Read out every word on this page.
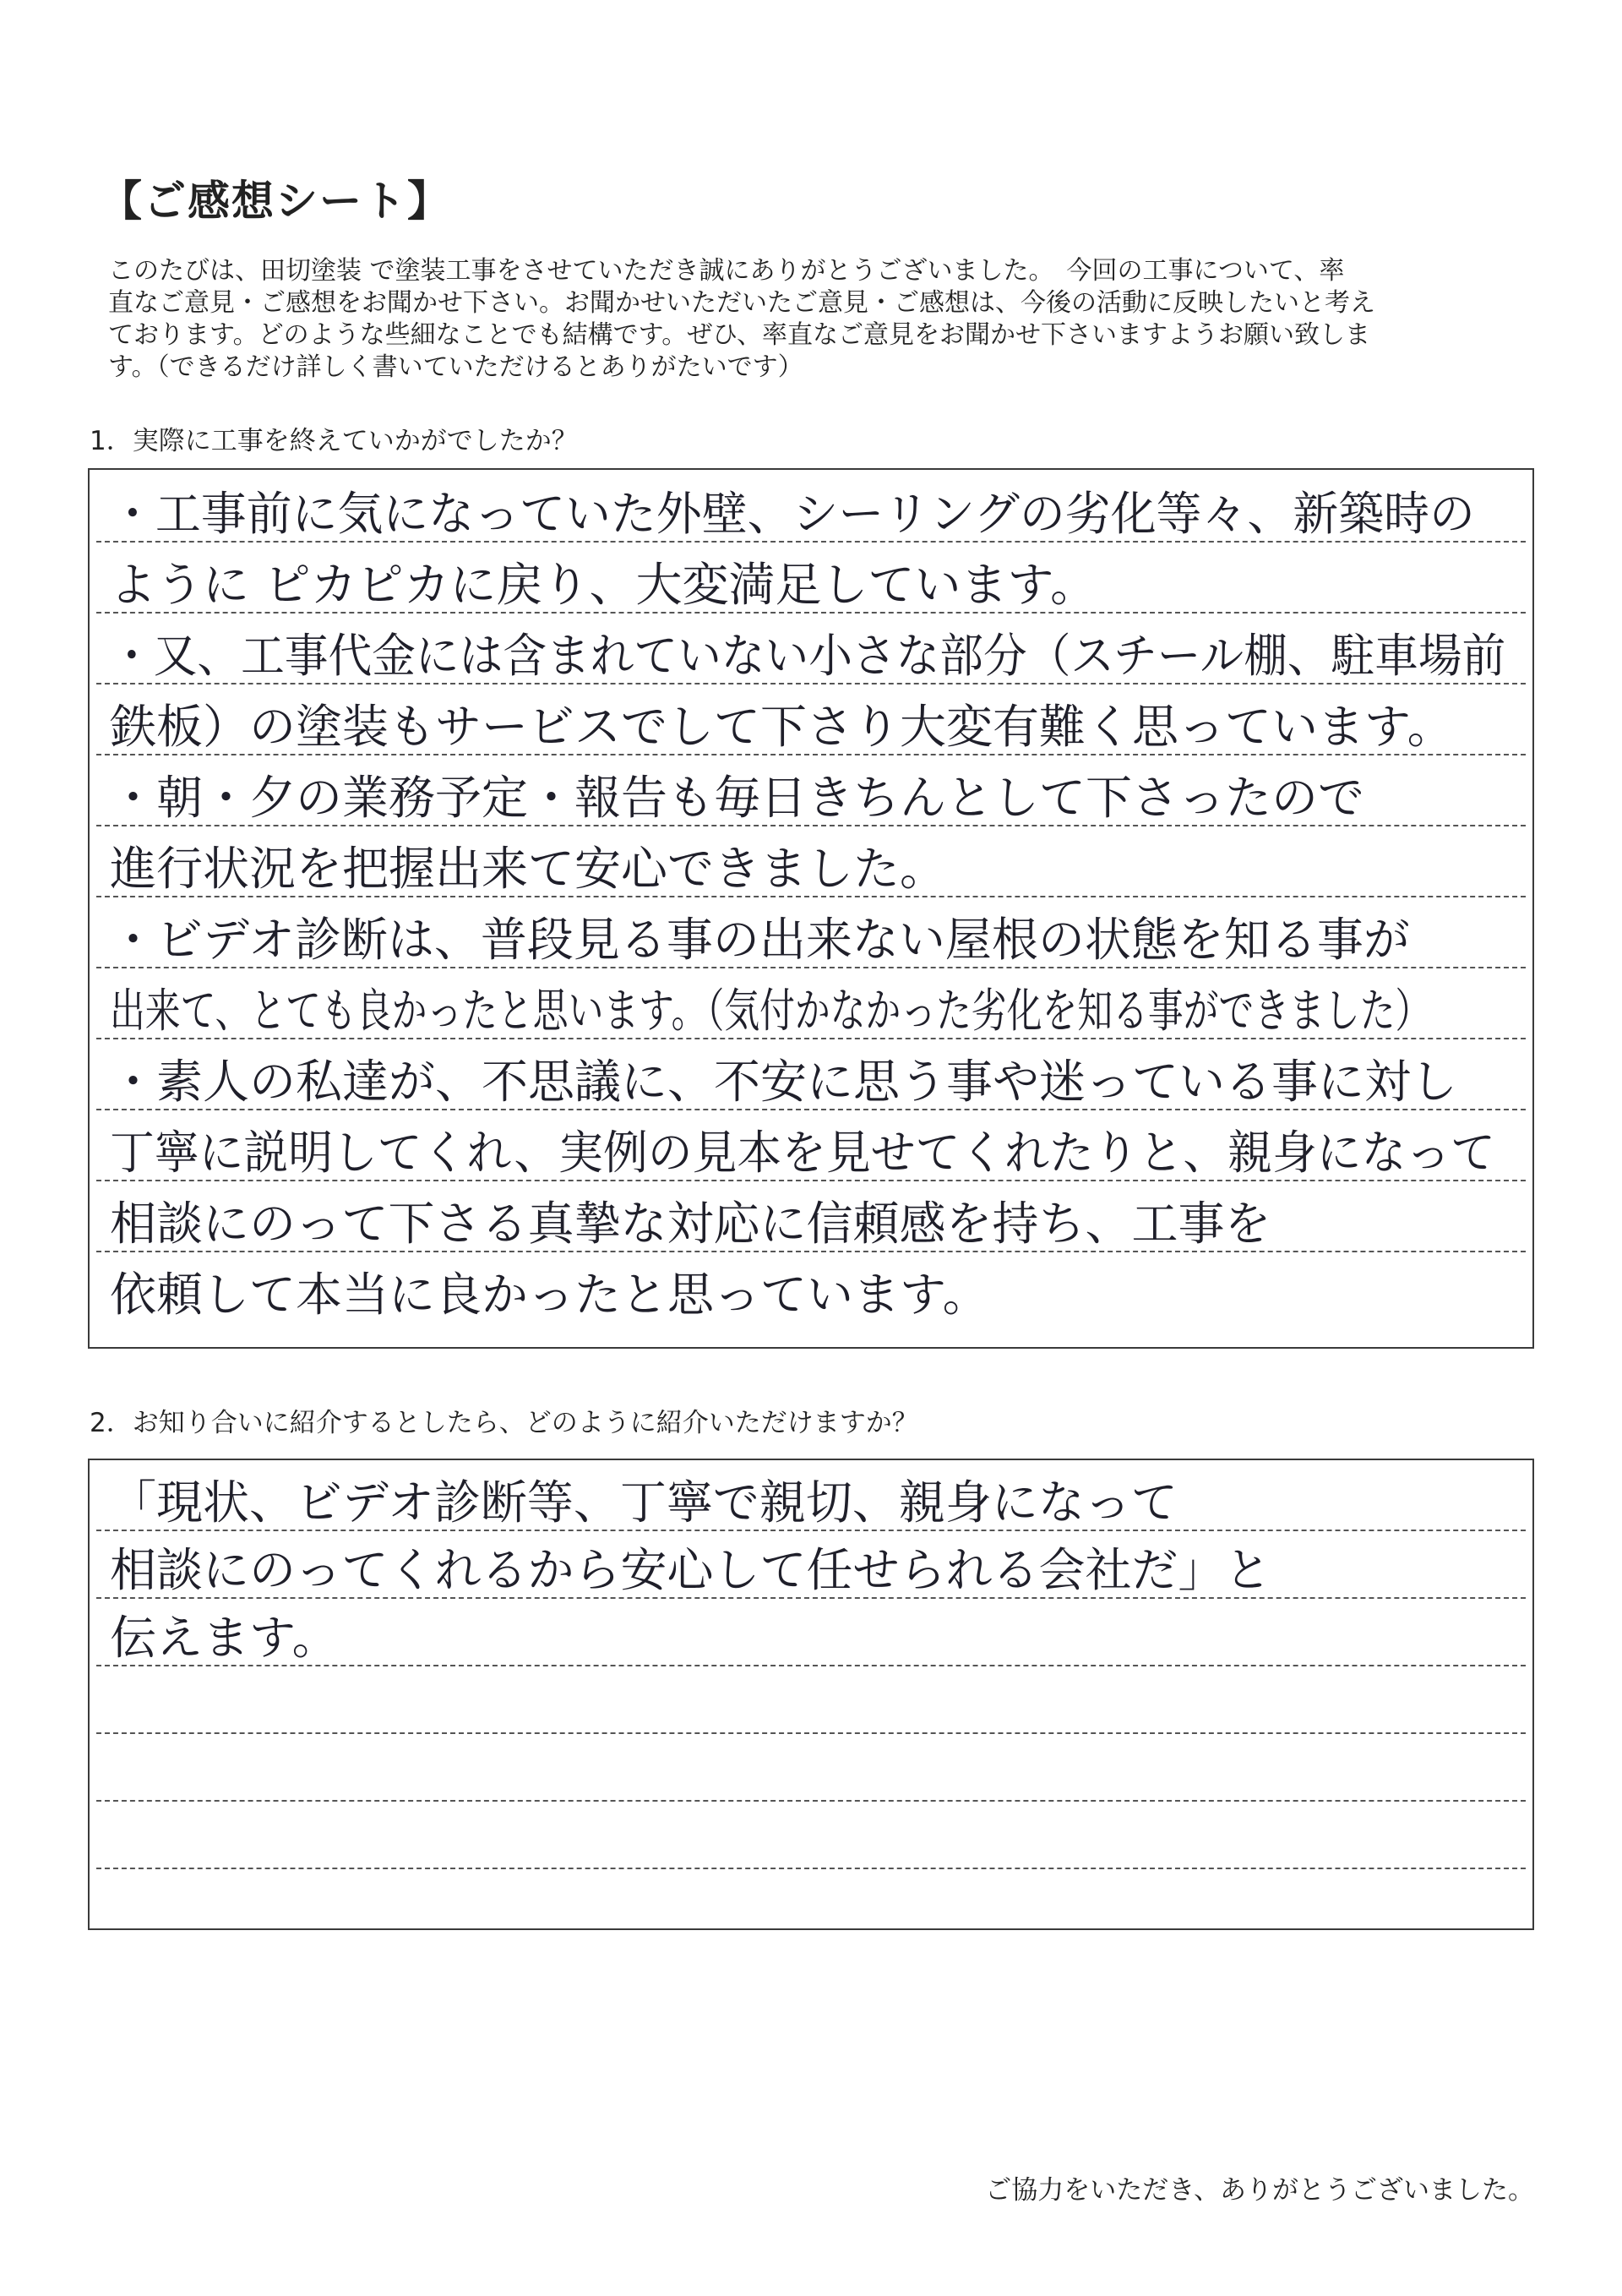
【ご感想シート】
このたびは、田切塗装 で塗装工事をさせていただき誠にありがとうございました。　今回の工事について、率
直なご意見・ご感想をお聞かせ下さい。お聞かせいただいたご意見・ご感想は、今後の活動に反映したいと考え
ております。どのような些細なことでも結構です。ぜひ、率直なご意見をお聞かせ下さいますようお願い致しま
す。（できるだけ詳しく書いていただけるとありがたいです）
1．実際に工事を終えていかがでしたか？
・工事前に気になっていた外壁、シーリングの劣化等々、新築時の
ように ピカピカに戻り、大変満足しています。
・又、工事代金には含まれていない小さな部分（スチール棚、駐車場前
鉄板）の塗装もサービスでして下さり大変有難く思っています。
・朝・夕の業務予定・報告も毎日きちんとして下さったので
進行状況を把握出来て安心できました。
・ビデオ診断は、普段見る事の出来ない屋根の状態を知る事が
出来て、とても良かったと思います。（気付かなかった劣化を知る事ができました）
・素人の私達が、不思議に、不安に思う事や迷っている事に対し
丁寧に説明してくれ、実例の見本を見せてくれたりと、親身になって
相談にのって下さる真摯な対応に信頼感を持ち、工事を
依頼して本当に良かったと思っています。
2．お知り合いに紹介するとしたら、どのように紹介いただけますか？
「現状、ビデオ診断等、丁寧で親切、親身になって
相談にのってくれるから安心して任せられる会社だ」と
伝えます。
ご協力をいただき、ありがとうございました。
